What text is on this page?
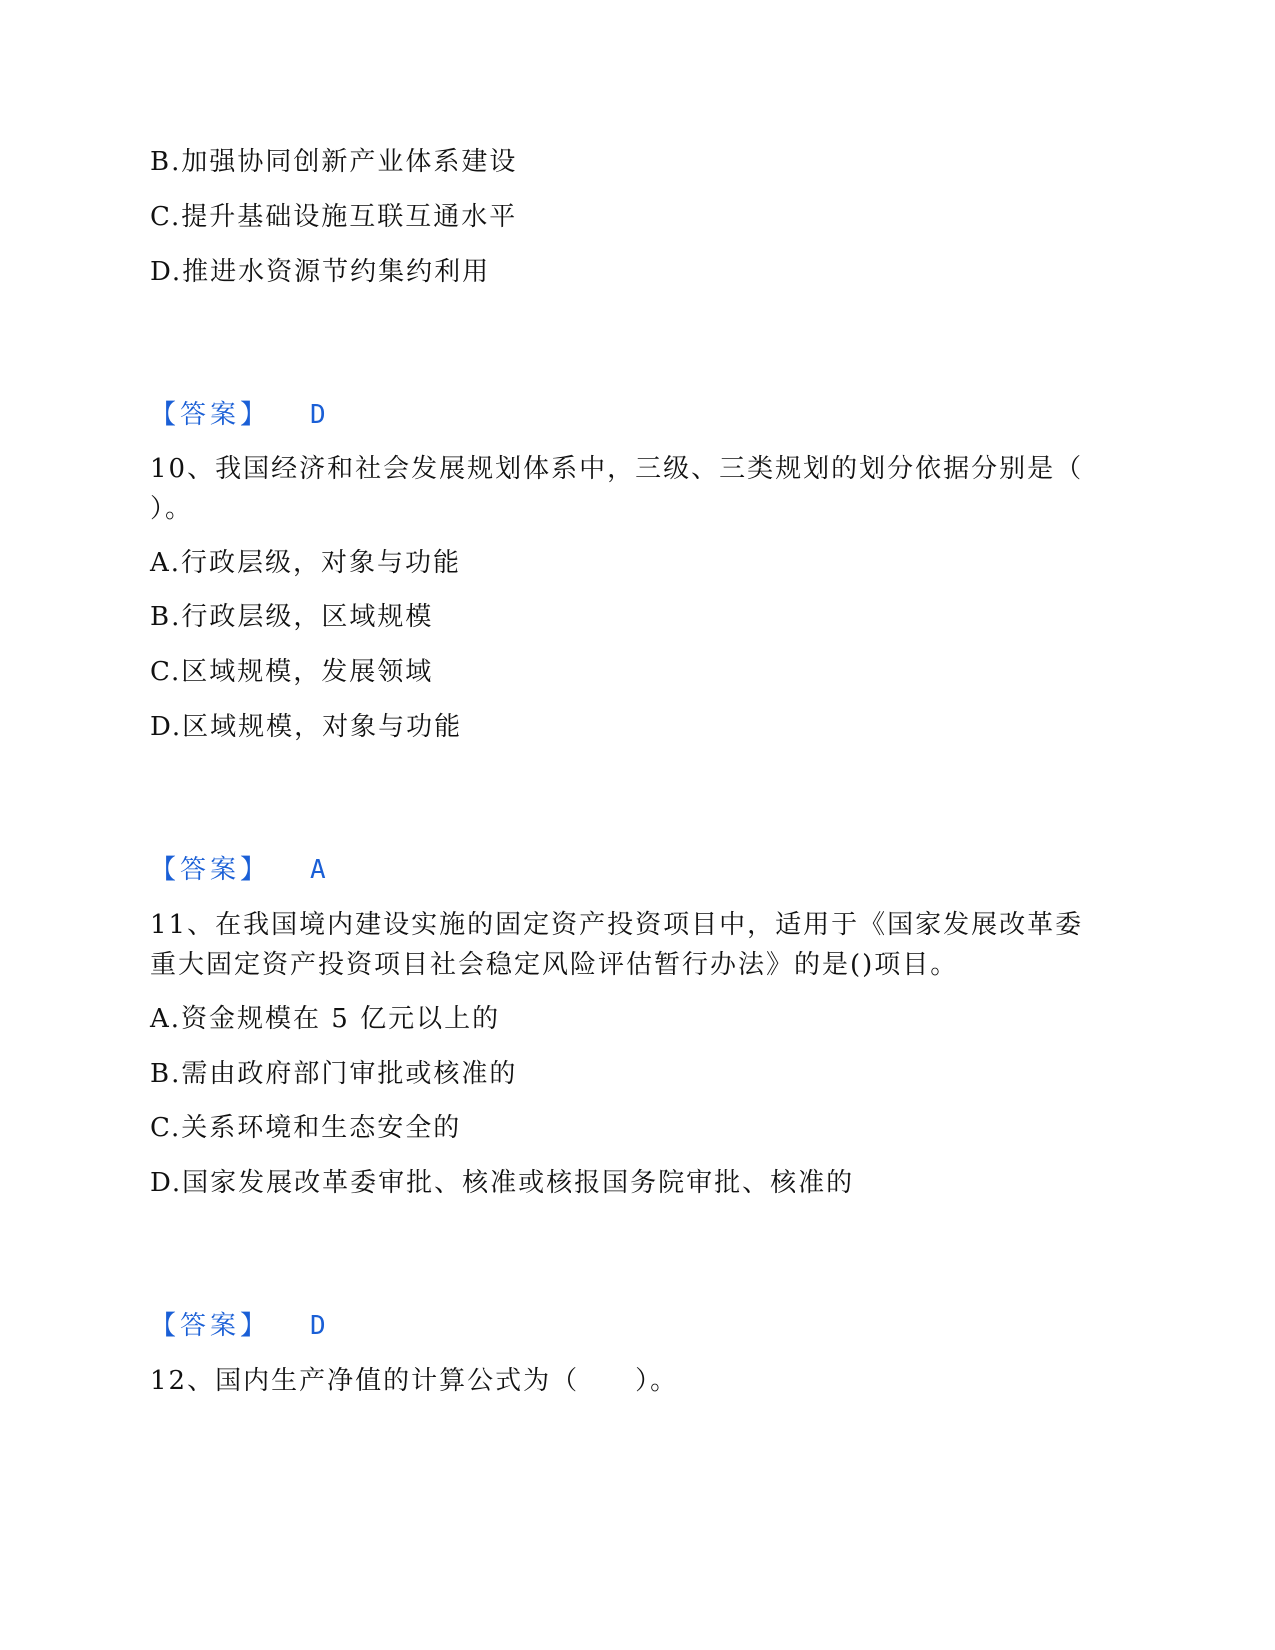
B.加强协同创新产业体系建设
C.提升基础设施互联互通水平
D.推进水资源节约集约利用
【答案】 D
10、我国经济和社会发展规划体系中，三级、三类规划的划分依据分别是（
）。
A.行政层级，对象与功能
B.行政层级，区域规模
C.区域规模，发展领域
D.区域规模，对象与功能
【答案】 A
11、在我国境内建设实施的固定资产投资项目中，适用于《国家发展改革委
重大固定资产投资项目社会稳定风险评估暂行办法》的是()项目。
A.资金规模在 5 亿元以上的
B.需由政府部门审批或核准的
C.关系环境和生态安全的
D.国家发展改革委审批、核准或核报国务院审批、核准的
【答案】 D
12、国内生产净值的计算公式为（　　）。
